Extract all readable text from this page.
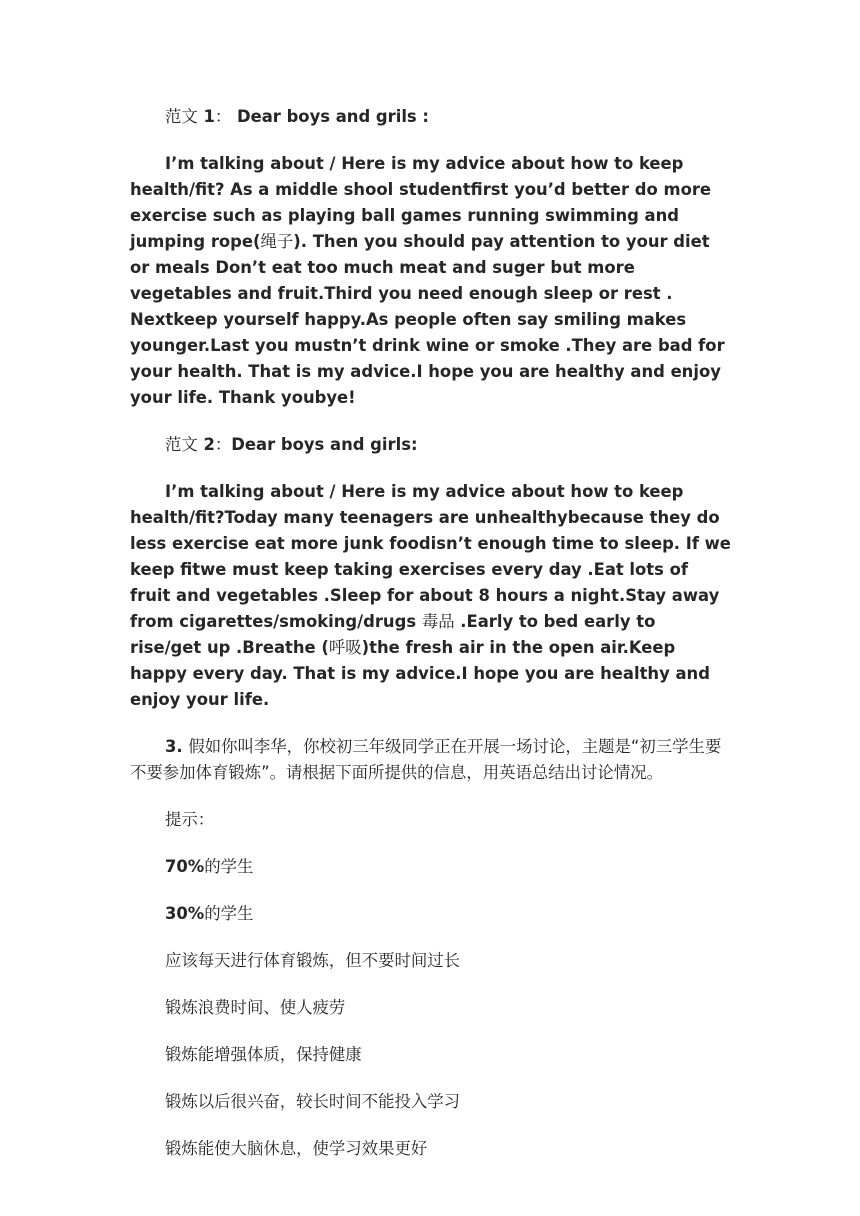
范文 1： Dear boys and grils :

I’m talking about / Here is my advice about how to keep health/fit? As a middle shool studentfirst you’d better do more exercise such as playing ball games running swimming and jumping rope(绳子). Then you should pay attention to your diet or meals Don’t eat too much meat and suger but more vegetables and fruit.Third you need enough sleep or rest . Nextkeep yourself happy.As people often say smiling makes younger.Last you mustn’t drink wine or smoke .They are bad for your health. That is my advice.I hope you are healthy and enjoy your life. Thank youbye!

范文 2：Dear boys and girls:

I’m talking about / Here is my advice about how to keep health/fit?Today many teenagers are unhealthybecause they do less exercise eat more junk foodisn’t enough time to sleep. If we keep fitwe must keep taking exercises every day .Eat lots of fruit and vegetables .Sleep for about 8 hours a night.Stay away from cigarettes/smoking/drugs 毒品 .Early to bed early to rise/get up .Breathe (呼吸)the fresh air in the open air.Keep happy every day. That is my advice.I hope you are healthy and enjoy your life.

3. 假如你叫李华，你校初三年级同学正在开展一场讨论，主题是“初三学生要不要参加体育锻炼”。请根据下面所提供的信息，用英语总结出讨论情况。

提示：

70%的学生

30%的学生

应该每天进行体育锻炼，但不要时间过长

锻炼浪费时间、使人疲劳

锻炼能增强体质，保持健康

锻炼以后很兴奋，较长时间不能投入学习

锻炼能使大脑休息，使学习效果更好
